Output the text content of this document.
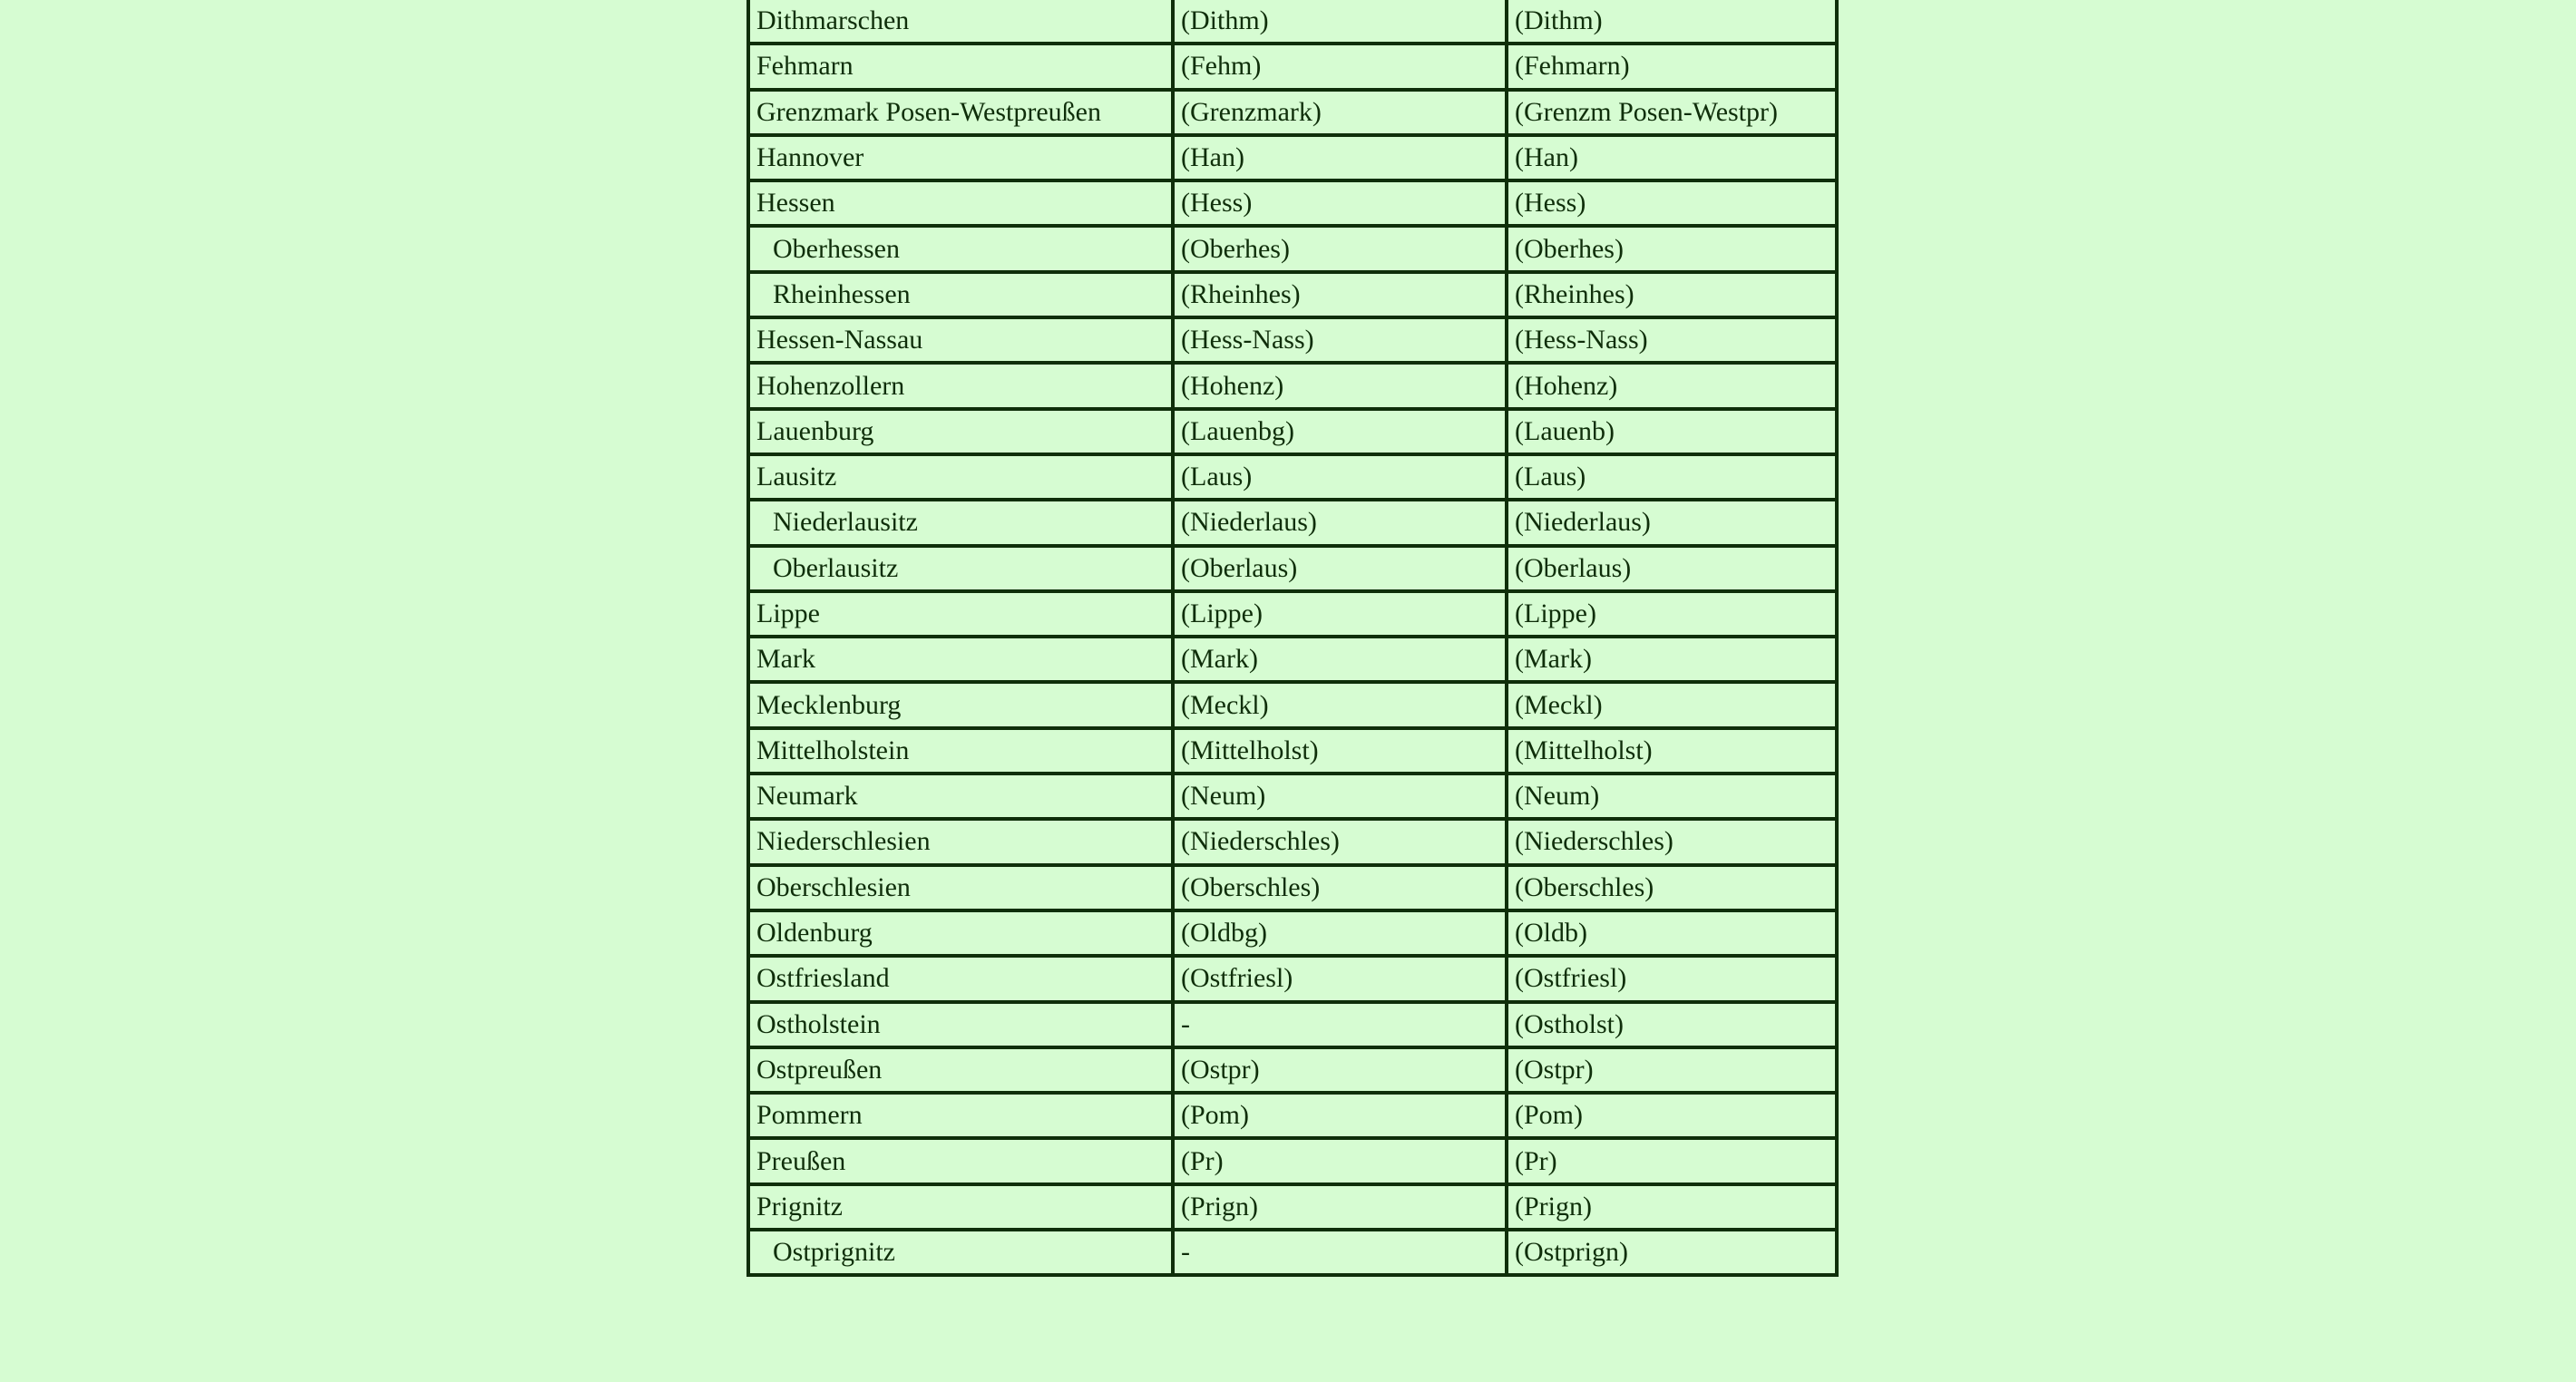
Dithmarschen	(Dithm)	(Dithm)
Fehmarn	(Fehm)	(Fehmarn)
Grenzmark Posen-Westpreußen	(Grenzmark)	(Grenzm Posen-Westpr)
Hannover	(Han)	(Han)
Hessen	(Hess)	(Hess)
Oberhessen	(Oberhes)	(Oberhes)
Rheinhessen	(Rheinhes)	(Rheinhes)
Hessen-Nassau	(Hess-Nass)	(Hess-Nass)
Hohenzollern	(Hohenz)	(Hohenz)
Lauenburg	(Lauenbg)	(Lauenb)
Lausitz	(Laus)	(Laus)
Niederlausitz	(Niederlaus)	(Niederlaus)
Oberlausitz	(Oberlaus)	(Oberlaus)
Lippe	(Lippe)	(Lippe)
Mark	(Mark)	(Mark)
Mecklenburg	(Meckl)	(Meckl)
Mittelholstein	(Mittelholst)	(Mittelholst)
Neumark	(Neum)	(Neum)
Niederschlesien	(Niederschles)	(Niederschles)
Oberschlesien	(Oberschles)	(Oberschles)
Oldenburg	(Oldbg)	(Oldb)
Ostfriesland	(Ostfriesl)	(Ostfriesl)
Ostholstein	-	(Ostholst)
Ostpreußen	(Ostpr)	(Ostpr)
Pommern	(Pom)	(Pom)
Preußen	(Pr)	(Pr)
Prignitz	(Prign)	(Prign)
Ostprignitz	-	(Ostprign)
